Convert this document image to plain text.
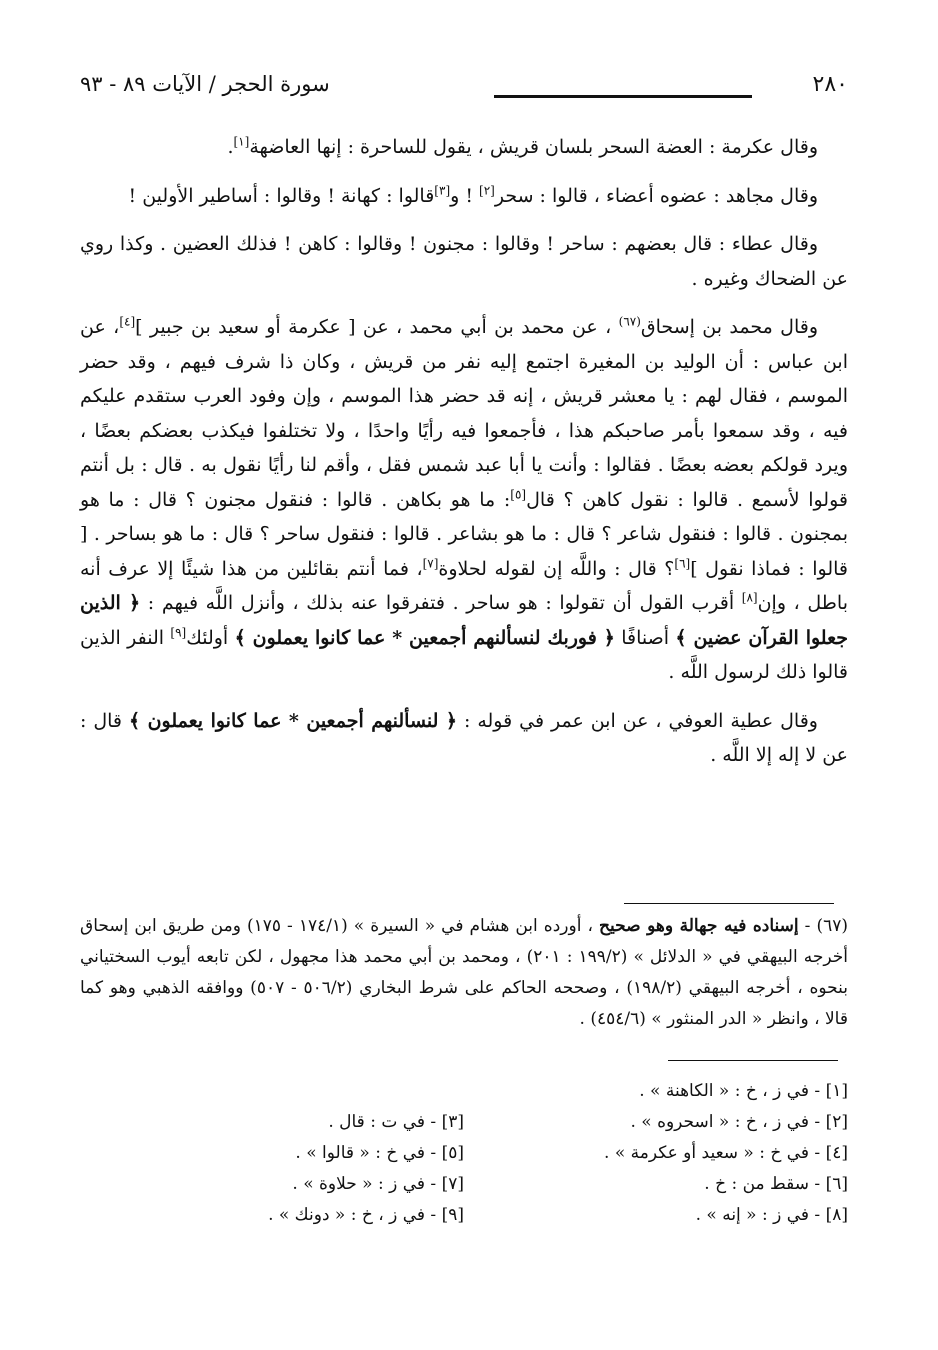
٢٨٠
سورة الحجر / الآيات ٨٩ - ٩٣

وقال عكرمة : العضة السحر بلسان قريش ، يقول للساحرة : إنها العاضهة[١].

وقال مجاهد : عضوه أعضاء ، قالوا : سحر[٢] ! و[٣]قالوا : كهانة ! وقالوا : أساطير الأولين !

وقال عطاء : قال بعضهم : ساحر ! وقالوا : مجنون ! وقالوا : كاهن ! فذلك العضين . وكذا روي عن الضحاك وغيره .

وقال محمد بن إسحاق$^{(٦٧)}$ ، عن محمد بن أبي محمد ، عن [ عكرمة أو سعيد بن جبير ][٤]، عن ابن عباس : أن الوليد بن المغيرة اجتمع إليه نفر من قريش ، وكان ذا شرف فيهم ، وقد حضر الموسم ، فقال لهم : يا معشر قريش ، إنه قد حضر هذا الموسم ، وإن وفود العرب ستقدم عليكم فيه ، وقد سمعوا بأمر صاحبكم هذا ، فأجمعوا فيه رأيًا واحدًا ، ولا تختلفوا فيكذب بعضكم بعضًا ، ويرد قولكم بعضه بعضًا . فقالوا : وأنت يا أبا عبد شمس فقل ، وأقم لنا رأيًا نقول به . قال : بل أنتم قولوا لأسمع . قالوا : نقول كاهن ؟ قال[٥]: ما هو بكاهن . قالوا : فنقول مجنون ؟ قال : ما هو بمجنون . قالوا : فنقول شاعر ؟ قال : ما هو بشاعر . قالوا : فنقول ساحر ؟ قال : ما هو بساحر . [ قالوا : فماذا نقول ][٦]؟ قال : واللَّه إن لقوله لحلاوة[٧]، فما أنتم بقائلين من هذا شيئًا إلا عرف أنه باطل ، وإن[٨] أقرب القول أن تقولوا : هو ساحر . فتفرقوا عنه بذلك ، وأنزل اللَّه فيهم : ﴿ الذين جعلوا القرآن عضين ﴾ أصنافًا ﴿ فوربك لنسألنهم أجمعين * عما كانوا يعملون ﴾ أولئك[٩] النفر الذين قالوا ذلك لرسول اللَّه .

وقال عطية العوفي ، عن ابن عمر في قوله : ﴿ لنسألنهم أجمعين * عما كانوا يعملون ﴾ قال : عن لا إله إلا اللَّه .

(٦٧) - إسناده فيه جهالة وهو صحيح ، أورده ابن هشام في « السيرة » (١٧٤/١ - ١٧٥) ومن طريق ابن إسحاق أخرجه البيهقي في « الدلائل » (١٩٩/٢ : ٢٠١) ، ومحمد بن أبي محمد هذا مجهول ، لكن تابعه أيوب السختياني بنحوه ، أخرجه البيهقي (١٩٨/٢) ، وصححه الحاكم على شرط البخاري (٥٠٦/٢ - ٥٠٧) ووافقه الذهبي وهو كما قالا ، وانظر « الدر المنثور » (٤٥٤/٦) .
[١] - في ز ، خ : « الكاهنة » .
[٢] - في ز ، خ : « اسحروه » .
[٣] - في ت : قال .
[٤] - في خ : « سعيد أو عكرمة » .
[٥] - في خ : « قالوا » .
[٦] - سقط من : خ .
[٧] - في ز : « حلاوة » .
[٨] - في ز : « إنه » .
[٩] - في ز ، خ : « دونك » .
